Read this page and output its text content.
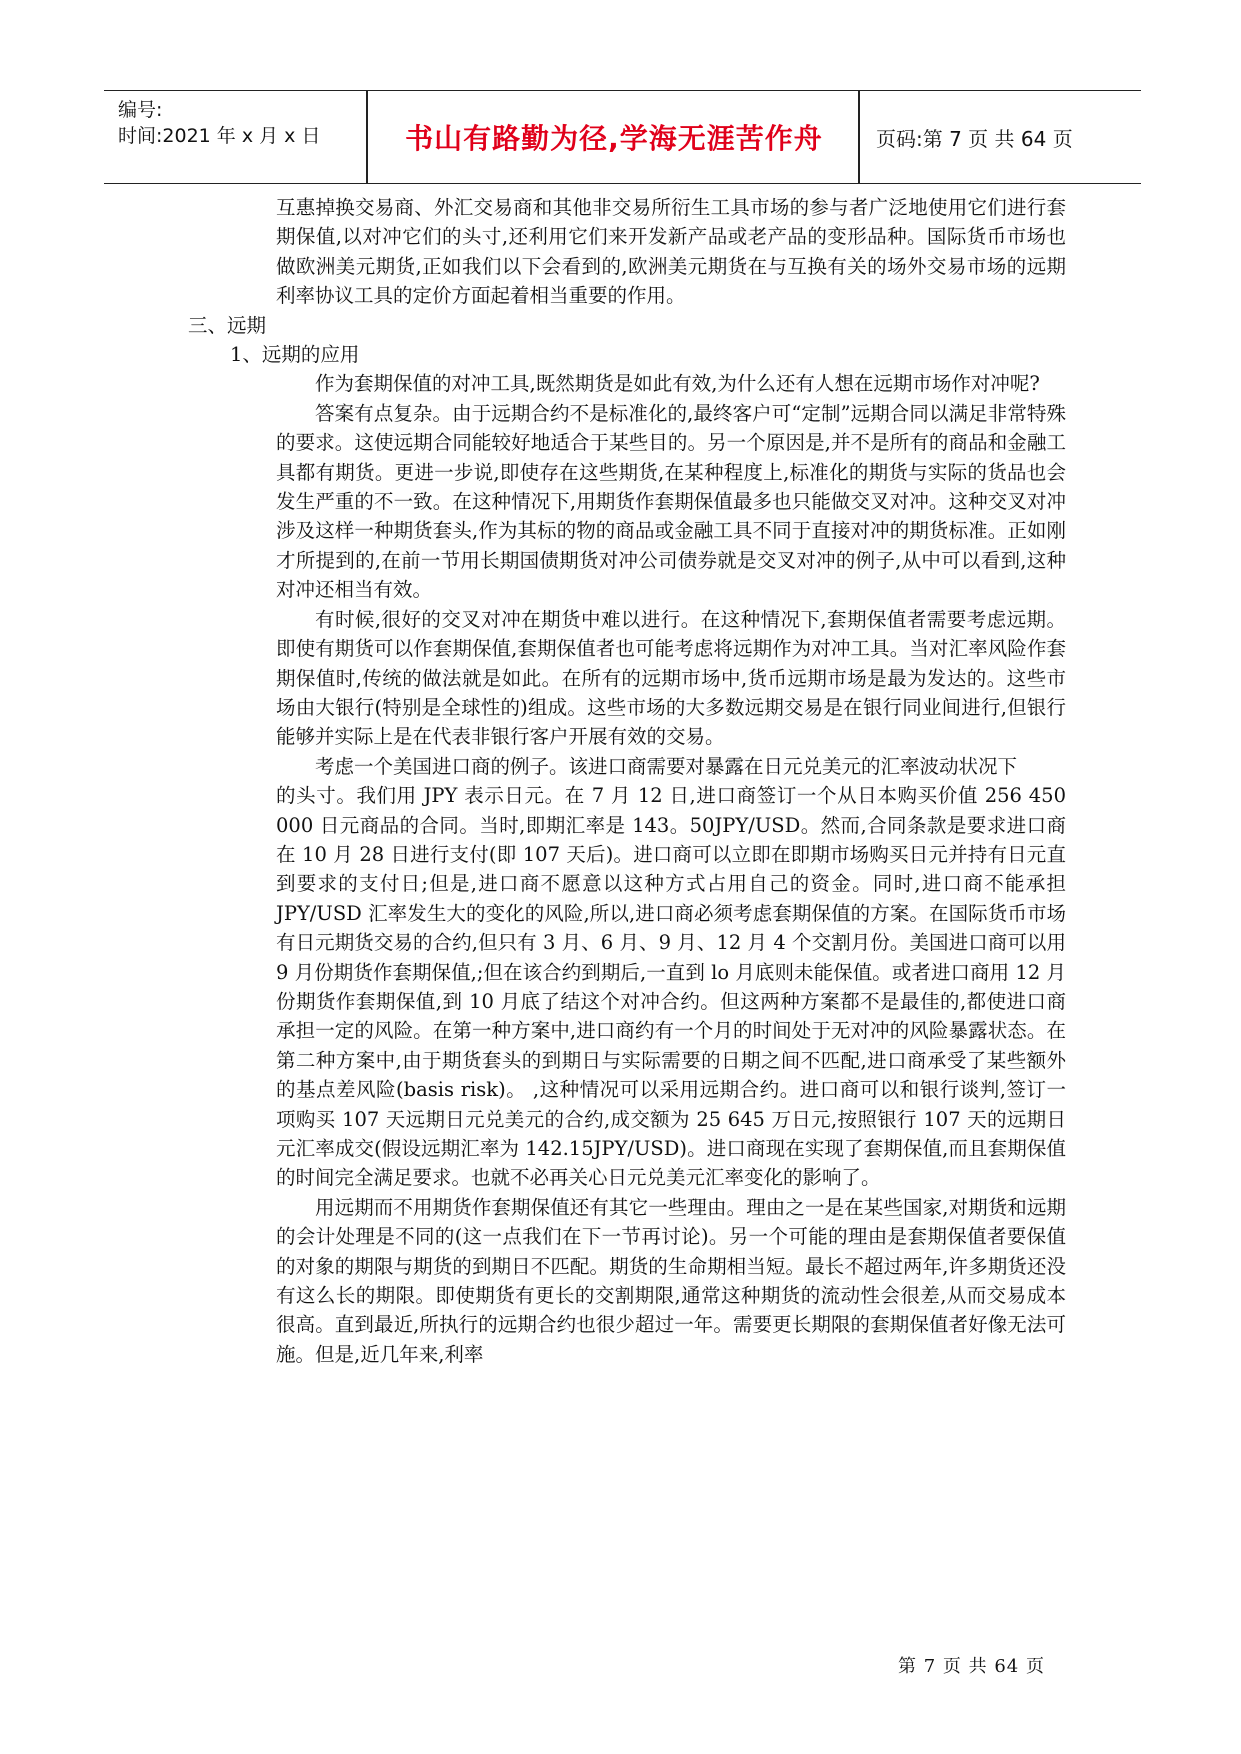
编号:
时间:2021 年 x 月 x 日	书山有路勤为径,学海无涯苦作舟	页码:第 7 页 共 64 页

互惠掉换交易商、外汇交易商和其他非交易所衍生工具市场的参与者广泛地使用它们进行套期保值,以对冲它们的头寸,还利用它们来开发新产品或老产品的变形品种。国际货币市场也做欧洲美元期货,正如我们以下会看到的,欧洲美元期货在与互换有关的场外交易市场的远期利率协议工具的定价方面起着相当重要的作用。

三、远期

1、远期的应用

作为套期保值的对冲工具,既然期货是如此有效,为什么还有人想在远期市场作对冲呢?

答案有点复杂。由于远期合约不是标准化的,最终客户可“定制”远期合同以满足非常特殊的要求。这使远期合同能较好地适合于某些目的。另一个原因是,并不是所有的商品和金融工具都有期货。更进一步说,即使存在这些期货,在某种程度上,标准化的期货与实际的货品也会发生严重的不一致。在这种情况下,用期货作套期保值最多也只能做交叉对冲。这种交叉对冲涉及这样一种期货套头,作为其标的物的商品或金融工具不同于直接对冲的期货标准。正如刚才所提到的,在前一节用长期国债期货对冲公司债券就是交叉对冲的例子,从中可以看到,这种对冲还相当有效。

有时候,很好的交叉对冲在期货中难以进行。在这种情况下,套期保值者需要考虑远期。即使有期货可以作套期保值,套期保值者也可能考虑将远期作为对冲工具。当对汇率风险作套期保值时,传统的做法就是如此。在所有的远期市场中,货币远期市场是最为发达的。这些市场由大银行(特别是全球性的)组成。这些市场的大多数远期交易是在银行同业间进行,但银行能够并实际上是在代表非银行客户开展有效的交易。

考虑一个美国进口商的例子。该进口商需要对暴露在日元兑美元的汇率波动状况下

的头寸。我们用 JPY 表示日元。在 7 月 12 日,进口商签订一个从日本购买价值 256 450 000 日元商品的合同。当时,即期汇率是 143。50JPY/USD。然而,合同条款是要求进口商在 10 月 28 日进行支付(即 107 天后)。进口商可以立即在即期市场购买日元并持有日元直到要求的支付日;但是,进口商不愿意以这种方式占用自己的资金。同时,进口商不能承担 JPY/USD 汇率发生大的变化的风险,所以,进口商必须考虑套期保值的方案。在国际货币市场有日元期货交易的合约,但只有 3 月、6 月、9 月、12 月 4 个交割月份。美国进口商可以用 9 月份期货作套期保值,;但在该合约到期后,一直到 lo 月底则未能保值。或者进口商用 12 月份期货作套期保值,到 10 月底了结这个对冲合约。但这两种方案都不是最佳的,都使进口商承担一定的风险。在第一种方案中,进口商约有一个月的时间处于无对冲的风险暴露状态。在第二种方案中,由于期货套头的到期日与实际需要的日期之间不匹配,进口商承受了某些额外的基点差风险(basis risk)。 ,这种情况可以采用远期合约。进口商可以和银行谈判,签订一项购买 107 天远期日元兑美元的合约,成交额为 25 645 万日元,按照银行 107 天的远期日元汇率成交(假设远期汇率为 142.15JPY/USD)。进口商现在实现了套期保值,而且套期保值的时间完全满足要求。也就不必再关心日元兑美元汇率变化的影响了。

用远期而不用期货作套期保值还有其它一些理由。理由之一是在某些国家,对期货和远期的会计处理是不同的(这一点我们在下一节再讨论)。另一个可能的理由是套期保值者要保值的对象的期限与期货的到期日不匹配。期货的生命期相当短。最长不超过两年,许多期货还没有这么长的期限。即使期货有更长的交割期限,通常这种期货的流动性会很差,从而交易成本很高。直到最近,所执行的远期合约也很少超过一年。需要更长期限的套期保值者好像无法可施。但是,近几年来,利率

第 7 页 共 64 页
